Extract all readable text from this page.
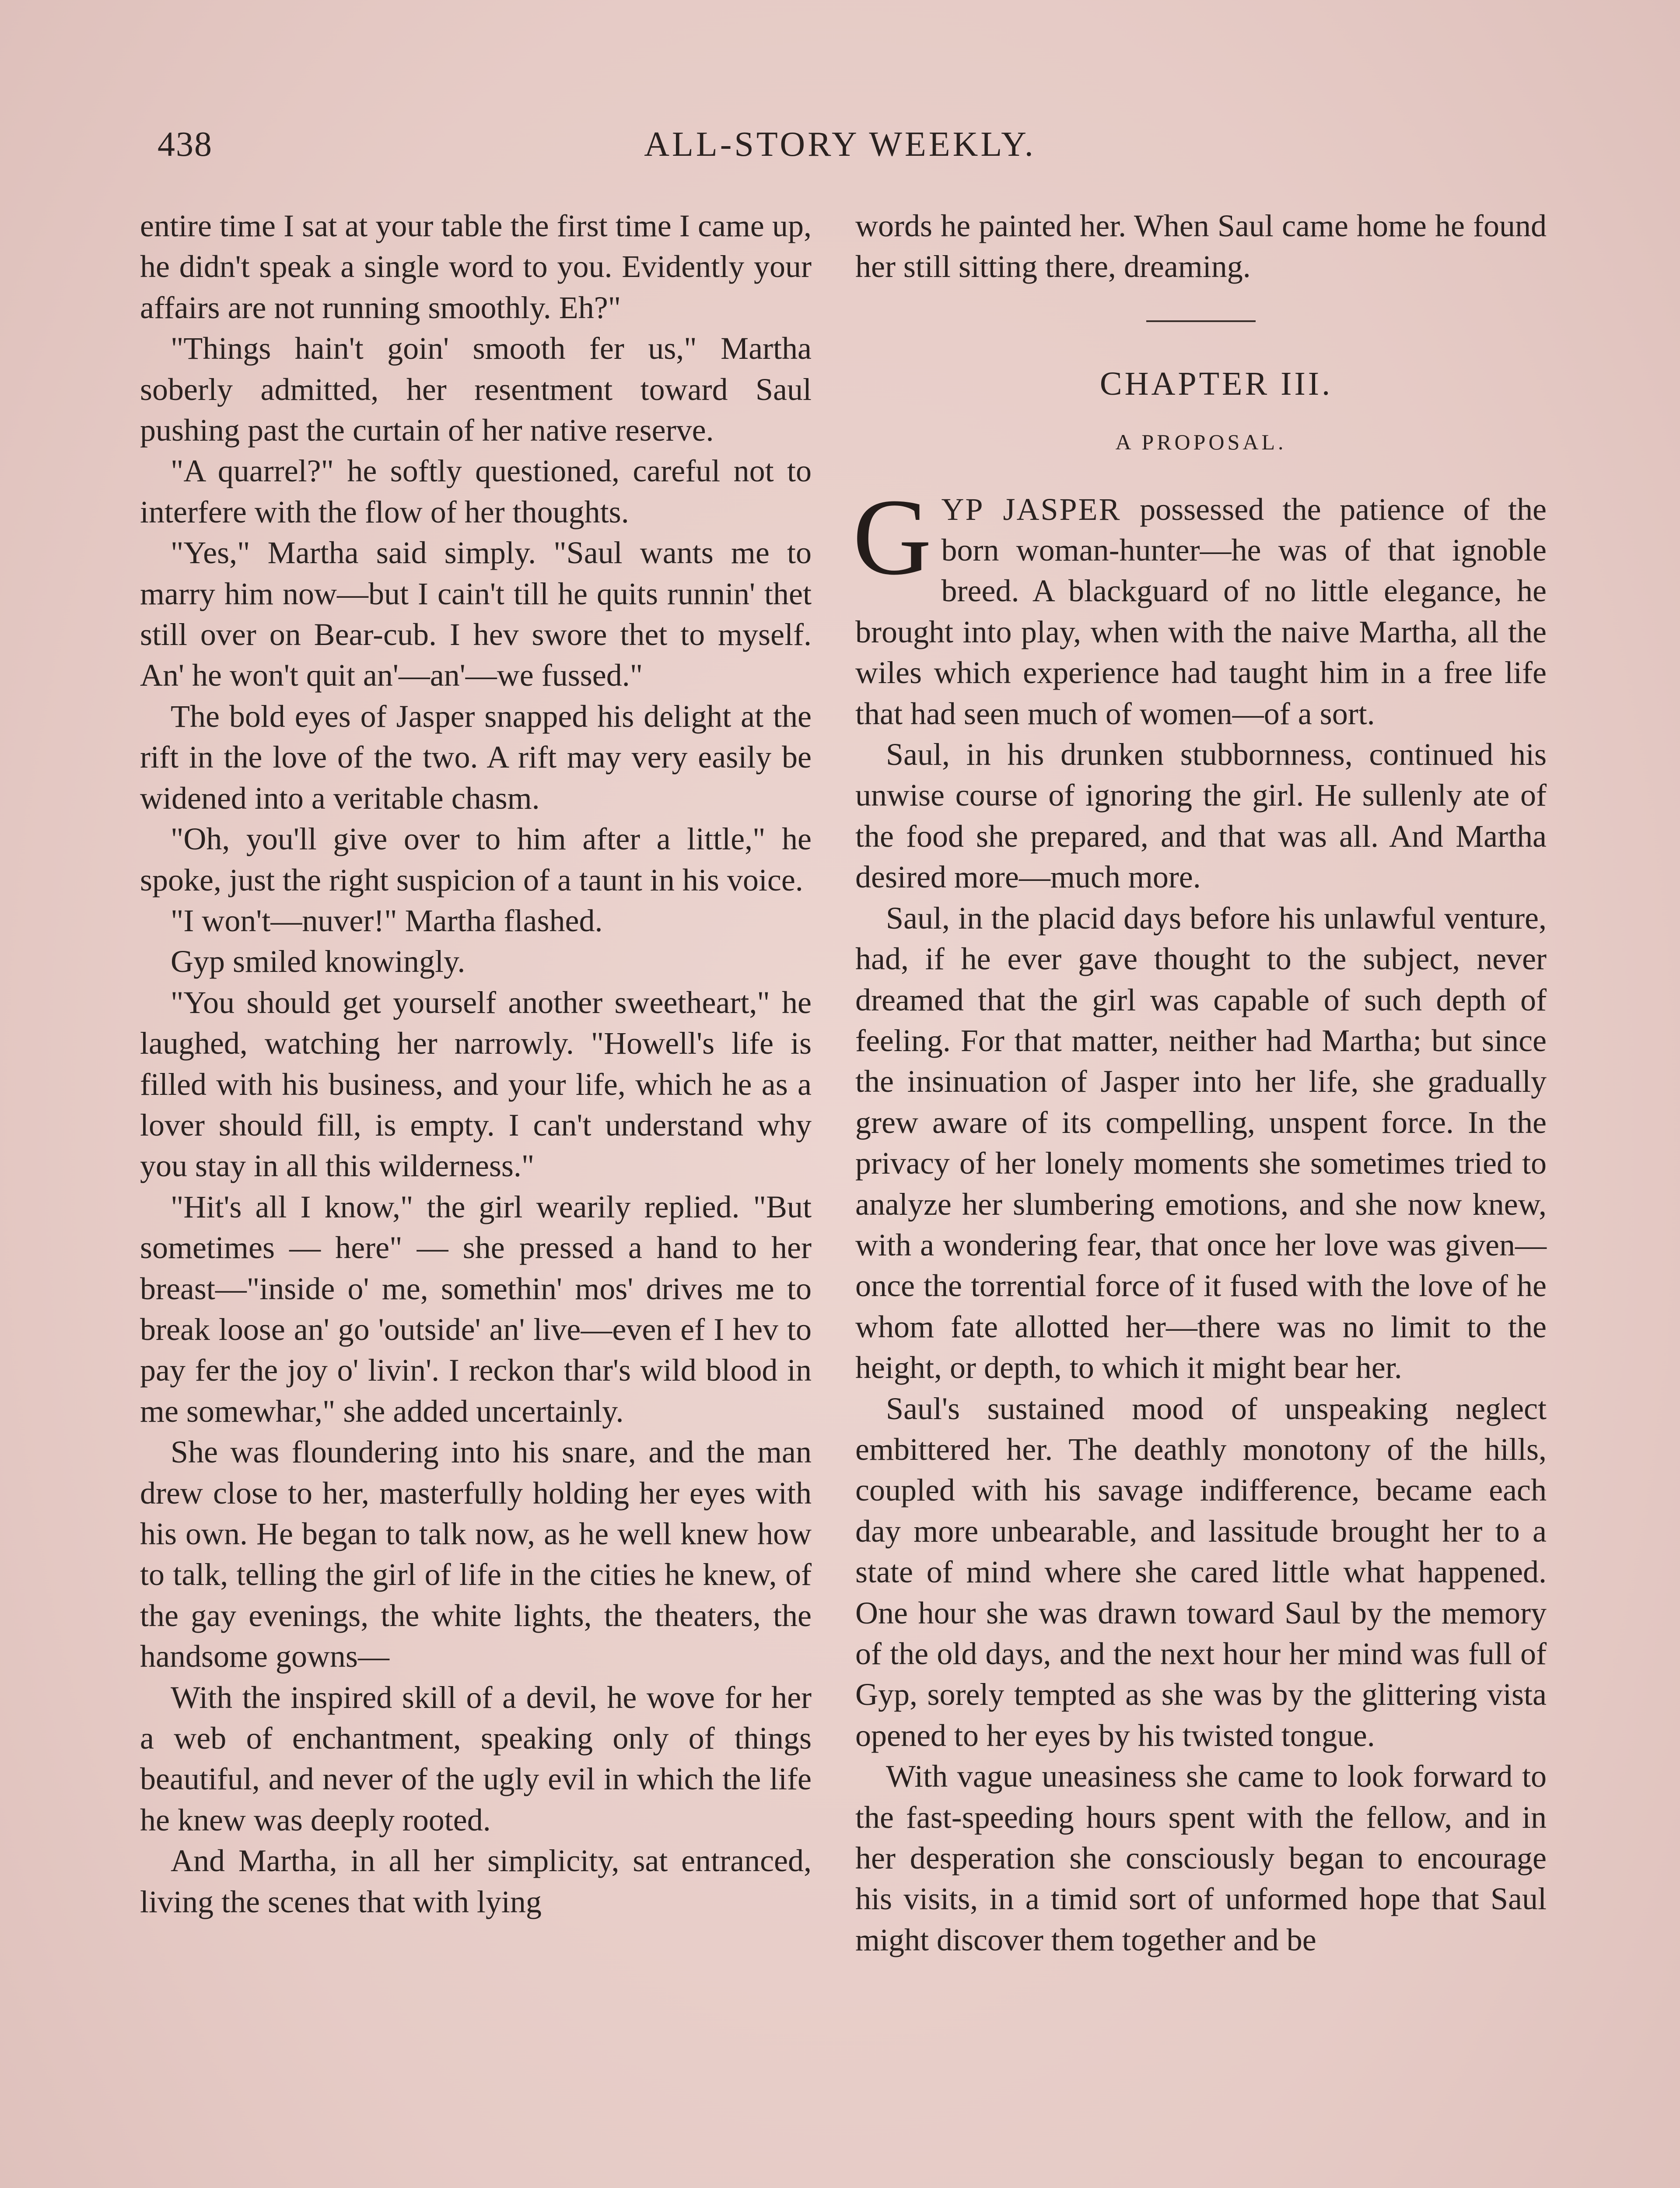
438	ALL-STORY WEEKLY.

entire time I sat at your table the first time I came up, he didn't speak a single word to you. Evidently your affairs are not running smoothly. Eh?"

"Things hain't goin' smooth fer us," Martha soberly admitted, her resentment toward Saul pushing past the curtain of her native reserve.

"A quarrel?" he softly questioned, careful not to interfere with the flow of her thoughts.

"Yes," Martha said simply. "Saul wants me to marry him now—but I cain't till he quits runnin' thet still over on Bear-cub. I hev swore thet to myself. An' he won't quit an'—an'—we fussed."

The bold eyes of Jasper snapped his delight at the rift in the love of the two. A rift may very easily be widened into a veritable chasm.

"Oh, you'll give over to him after a little," he spoke, just the right suspicion of a taunt in his voice.

"I won't—nuver!" Martha flashed.

Gyp smiled knowingly.

"You should get yourself another sweetheart," he laughed, watching her narrowly. "Howell's life is filled with his business, and your life, which he as a lover should fill, is empty. I can't understand why you stay in all this wilderness."

"Hit's all I know," the girl wearily replied. "But sometimes — here" — she pressed a hand to her breast—"inside o' me, somethin' mos' drives me to break loose an' go 'outside' an' live—even ef I hev to pay fer the joy o' livin'. I reckon thar's wild blood in me somewhar," she added uncertainly.

She was floundering into his snare, and the man drew close to her, masterfully holding her eyes with his own. He began to talk now, as he well knew how to talk, telling the girl of life in the cities he knew, of the gay evenings, the white lights, the theaters, the handsome gowns—

With the inspired skill of a devil, he wove for her a web of enchantment, speaking only of things beautiful, and never of the ugly evil in which the life he knew was deeply rooted.

And Martha, in all her simplicity, sat entranced, living the scenes that with lying

words he painted her. When Saul came home he found her still sitting there, dreaming.

CHAPTER III.

A PROPOSAL.

GYP JASPER possessed the patience of the born woman-hunter—he was of that ignoble breed. A blackguard of no little elegance, he brought into play, when with the naive Martha, all the wiles which experience had taught him in a free life that had seen much of women—of a sort.

Saul, in his drunken stubbornness, continued his unwise course of ignoring the girl. He sullenly ate of the food she prepared, and that was all. And Martha desired more—much more.

Saul, in the placid days before his unlawful venture, had, if he ever gave thought to the subject, never dreamed that the girl was capable of such depth of feeling. For that matter, neither had Martha; but since the insinuation of Jasper into her life, she gradually grew aware of its compelling, unspent force. In the privacy of her lonely moments she sometimes tried to analyze her slumbering emotions, and she now knew, with a wondering fear, that once her love was given—once the torrential force of it fused with the love of he whom fate allotted her—there was no limit to the height, or depth, to which it might bear her.

Saul's sustained mood of unspeaking neglect embittered her. The deathly monotony of the hills, coupled with his savage indifference, became each day more unbearable, and lassitude brought her to a state of mind where she cared little what happened. One hour she was drawn toward Saul by the memory of the old days, and the next hour her mind was full of Gyp, sorely tempted as she was by the glittering vista opened to her eyes by his twisted tongue.

With vague uneasiness she came to look forward to the fast-speeding hours spent with the fellow, and in her desperation she consciously began to encourage his visits, in a timid sort of unformed hope that Saul might discover them together and be
